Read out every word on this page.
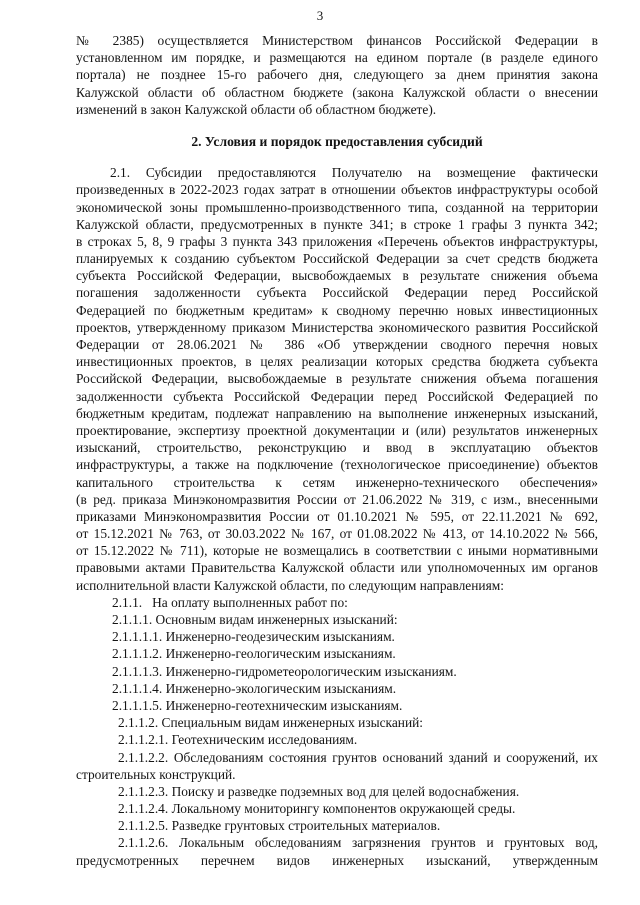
3
№ 2385) осуществляется Министерством финансов Российской Федерации в
установленном им порядке, и размещаются на едином портале (в разделе единого
портала) не позднее 15-го рабочего дня, следующего за днем принятия закона
Калужской области об областном бюджете (закона Калужской области о внесении
изменений в закон Калужской области об областном бюджете).
2. Условия и порядок предоставления субсидий
2.1. Субсидии предоставляются Получателю на возмещение фактически
произведенных в 2022-2023 годах затрат в отношении объектов инфраструктуры особой
экономической зоны промышленно-производственного типа, созданной на территории
Калужской области, предусмотренных в пункте 341; в строке 1 графы 3 пункта 342;
в строках 5, 8, 9 графы 3 пункта 343 приложения «Перечень объектов инфраструктуры,
планируемых к созданию субъектом Российской Федерации за счет средств бюджета
субъекта Российской Федерации, высвобождаемых в результате снижения объема
погашения задолженности субъекта Российской Федерации перед Российской
Федерацией по бюджетным кредитам» к сводному перечню новых инвестиционных
проектов, утвержденному приказом Министерства экономического развития Российской
Федерации от 28.06.2021 № 386 «Об утверждении сводного перечня новых
инвестиционных проектов, в целях реализации которых средства бюджета субъекта
Российской Федерации, высвобождаемые в результате снижения объема погашения
задолженности субъекта Российской Федерации перед Российской Федерацией по
бюджетным кредитам, подлежат направлению на выполнение инженерных изысканий,
проектирование, экспертизу проектной документации и (или) результатов инженерных
изысканий, строительство, реконструкцию и ввод в эксплуатацию объектов
инфраструктуры, а также на подключение (технологическое присоединение) объектов
капитального строительства к сетям инженерно-технического обеспечения»
(в ред. приказа Минэкономразвития России от 21.06.2022 № 319, с изм., внесенными
приказами Минэкономразвития России от 01.10.2021 № 595, от 22.11.2021 № 692,
от 15.12.2021 № 763, от 30.03.2022 № 167, от 01.08.2022 № 413, от 14.10.2022 № 566,
от 15.12.2022 № 711), которые не возмещались в соответствии с иными нормативными
правовыми актами Правительства Калужской области или уполномоченных им органов
исполнительной власти Калужской области, по следующим направлениям:
2.1.1. На оплату выполненных работ по:
2.1.1.1. Основным видам инженерных изысканий:
2.1.1.1.1. Инженерно-геодезическим изысканиям.
2.1.1.1.2. Инженерно-геологическим изысканиям.
2.1.1.1.3. Инженерно-гидрометеорологическим изысканиям.
2.1.1.1.4. Инженерно-экологическим изысканиям.
2.1.1.1.5. Инженерно-геотехническим изысканиям.
2.1.1.2. Специальным видам инженерных изысканий:
2.1.1.2.1. Геотехническим исследованиям.
2.1.1.2.2. Обследованиям состояния грунтов оснований зданий и сооружений, их
строительных конструкций.
2.1.1.2.3. Поиску и разведке подземных вод для целей водоснабжения.
2.1.1.2.4. Локальному мониторингу компонентов окружающей среды.
2.1.1.2.5. Разведке грунтовых строительных материалов.
2.1.1.2.6. Локальным обследованиям загрязнения грунтов и грунтовых вод,
предусмотренных перечнем видов инженерных изысканий, утвержденным
